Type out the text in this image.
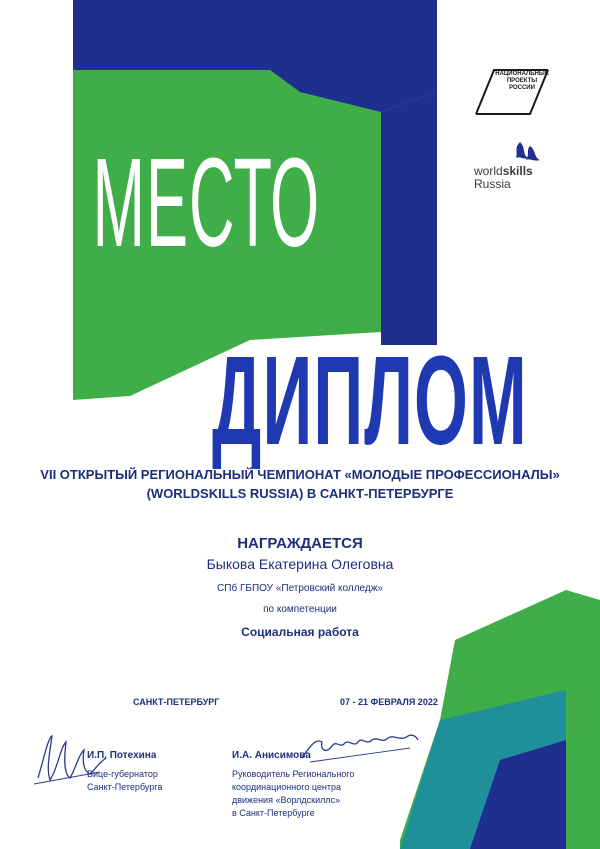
НАЦИОНАЛЬНЫЕ
ПРОЕКТЫ
РОССИИ
worldskills
Russia
3 МЕСТО
ДИПЛОМ
VII ОТКРЫТЫЙ РЕГИОНАЛЬНЫЙ ЧЕМПИОНАТ «МОЛОДЫЕ ПРОФЕССИОНАЛЫ»
(WORLDSKILLS RUSSIA) В САНКТ-ПЕТЕРБУРГЕ
НАГРАЖДАЕТСЯ
Быкова Екатерина Олеговна
СПб ГБПОУ «Петровский колледж»
по компетенции
Социальная работа
САНКТ-ПЕТЕРБУРГ	07 - 21 ФЕВРАЛЯ 2022
И.П. Потехина
Вице-губернатор
Санкт-Петербурга
И.А. Анисимова
Руководитель Регионального
координационного центра
движения «Ворлдскиллс»
в Санкт-Петербурге
